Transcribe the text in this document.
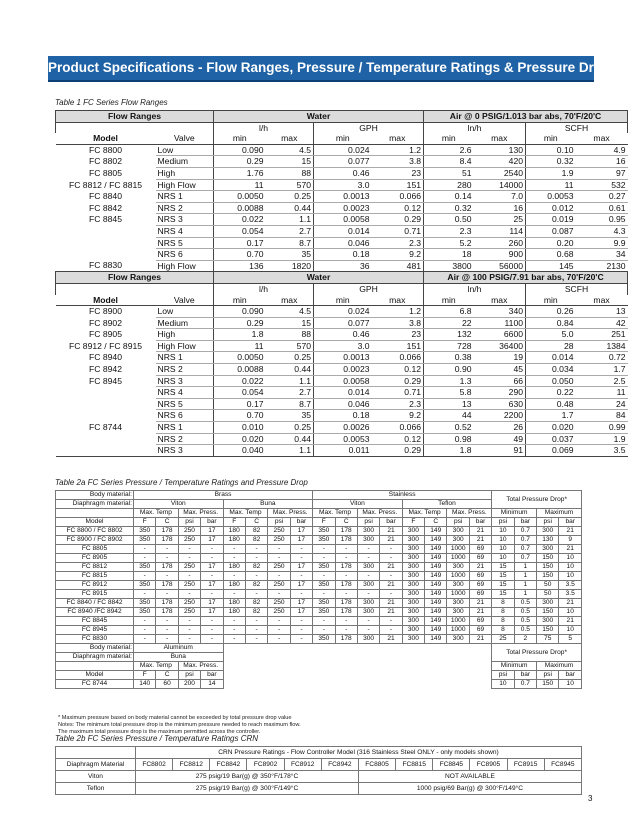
Product Specifications - Flow Ranges, Pressure / Temperature Ratings & Pressure Drop
Table 1 FC Series Flow Ranges
Flow Ranges		Water				Air @ 0 PSIG/1.013 bar abs, 70'F/20'C			
		l/h		GPH		ln/h		SCFH	
Model	Valve	min	max	min	max	min	max	min	max
FC 8800	Low	0.090	4.5	0.024	1.2	2.6	130	0.10	4.9
FC 8802	Medium	0.29	15	0.077	3.8	8.4	420	0.32	16
FC 8805	High	1.76	88	0.46	23	51	2540	1.9	97
FC 8812 / FC 8815	High Flow	11	570	3.0	151	280	14000	11	532
FC 8840	NRS 1	0.0050	0.25	0.0013	0.066	0.14	7.0	0.0053	0.27
FC 8842	NRS 2	0.0088	0.44	0.0023	0.12	0.32	16	0.012	0.61
FC 8845	NRS 3	0.022	1.1	0.0058	0.29	0.50	25	0.019	0.95
	NRS 4	0.054	2.7	0.014	0.71	2.3	114	0.087	4.3
	NRS 5	0.17	8.7	0.046	2.3	5.2	260	0.20	9.9
	NRS 6	0.70	35	0.18	9.2	18	900	0.68	34
FC 8830	High Flow	136	1820	36	481	3800	56000	145	2130
Flow Ranges		Water				Air @ 100 PSIG/7.91 bar abs, 70'F/20'C			
		l/h		GPH		ln/h		SCFH	
Model	Valve	min	max	min	max	min	max	min	max
FC 8900	Low	0.090	4.5	0.024	1.2	6.8	340	0.26	13
FC 8902	Medium	0.29	15	0.077	3.8	22	1100	0.84	42
FC 8905	High	1.8	88	0.46	23	132	6600	5.0	251
FC 8912 / FC 8915	High Flow	11	570	3.0	151	728	36400	28	1384
FC 8940	NRS 1	0.0050	0.25	0.0013	0.066	0.38	19	0.014	0.72
FC 8942	NRS 2	0.0088	0.44	0.0023	0.12	0.90	45	0.034	1.7
FC 8945	NRS 3	0.022	1.1	0.0058	0.29	1.3	66	0.050	2.5
	NRS 4	0.054	2.7	0.014	0.71	5.8	290	0.22	11
	NRS 5	0.17	8.7	0.046	2.3	13	630	0.48	24
	NRS 6	0.70	35	0.18	9.2	44	2200	1.7	84
FC 8744	NRS 1	0.010	0.25	0.0026	0.066	0.52	26	0.020	0.99
	NRS 2	0.020	0.44	0.0053	0.12	0.98	49	0.037	1.9
	NRS 3	0.040	1.1	0.011	0.29	1.8	91	0.069	3.5
Table 2a FC Series Pressure / Temperature Ratings and Pressure Drop
Body material:	Brass								Stainless								Total Pressure Drop*			
Diaphragm material:	Viton				Buna				Viton				Teflon							
	Max. Temp		Max. Press.		Max. Temp		Max. Press.		Max. Temp		Max. Press.		Max. Temp		Max. Press.		Minimum		Maximum	
Model	F	C	psi	bar	F	C	psi	bar	F	C	psi	bar	F	C	psi	bar	psi	bar	psi	bar
FC 8800 / FC 8802	350	178	250	17	180	82	250	17	350	178	300	21	300	149	300	21	10	0.7	300	21
FC 8900 / FC 8902	350	178	250	17	180	82	250	17	350	178	300	21	300	149	300	21	10	0.7	130	9
FC 8805	-	-	-	-	-	-	-	-	-	-	-	-	300	149	1000	69	10	0.7	300	21
FC 8905	-	-	-	-	-	-	-	-	-	-	-	-	300	149	1000	69	10	0.7	150	10
FC 8812	350	178	250	17	180	82	250	17	350	178	300	21	300	149	300	21	15	1	150	10
FC 8815	-	-	-	-	-	-	-	-	-	-	-	-	300	149	1000	69	15	1	150	10
FC 8912	350	178	250	17	180	82	250	17	350	178	300	21	300	149	300	69	15	1	50	3.5
FC 8915	-	-	-	-	-	-	-	-	-	-	-	-	300	149	1000	69	15	1	50	3.5
FC 8840 / FC 8842	350	178	250	17	180	82	250	17	350	178	300	21	300	149	300	21	8	0.5	300	21
FC 8940 /FC 8942	350	178	250	17	180	82	250	17	350	178	300	21	300	149	300	21	8	0.5	150	10
FC 8845	-	-	-	-	-	-	-	-	-	-	-	-	300	149	1000	69	8	0.5	300	21
FC 8945	-	-	-	-	-	-	-	-	-	-	-	-	300	149	1000	69	8	0.5	150	10
FC 8830	-	-	-	-	-	-	-	-	350	178	300	21	300	149	300	21	25	2	75	5
Body material:	Aluminum																Total Pressure Drop*			
Diaphragm material:	Buna																			
	Max. Temp		Max. Press.														Minimum		Maximum	
Model	F	C	psi	bar													psi	bar	psi	bar
FC 8744	140	60	200	14													10	0.7	150	10
* Maximum pressure based on body material cannot be exceeded by total pressure drop value
Notes: The minimum total pressure drop is the minimum pressure needed to reach maximum flow.
The maximum total pressure drop is the maximum permitted across the controller.
Table 2b FC Series Pressure / Temperature Ratings CRN
	CRN Pressure Ratings - Flow Controller Model (316 Stainless Steel ONLY - only models shown)											
Diaphragm Material	FC8802	FC8812	FC8842	FC8902	FC8912	FC8942	FC8805	FC8815	FC8845	FC8905	FC8915	FC8945
Viton	275 psig/19 Bar(g) @ 350°F/178°C						NOT AVAILABLE					
Teflon	275 psig/19 Bar(g) @ 300°F/149°C						1000 psig/69 Bar(g) @ 300°F/149°C					
3
